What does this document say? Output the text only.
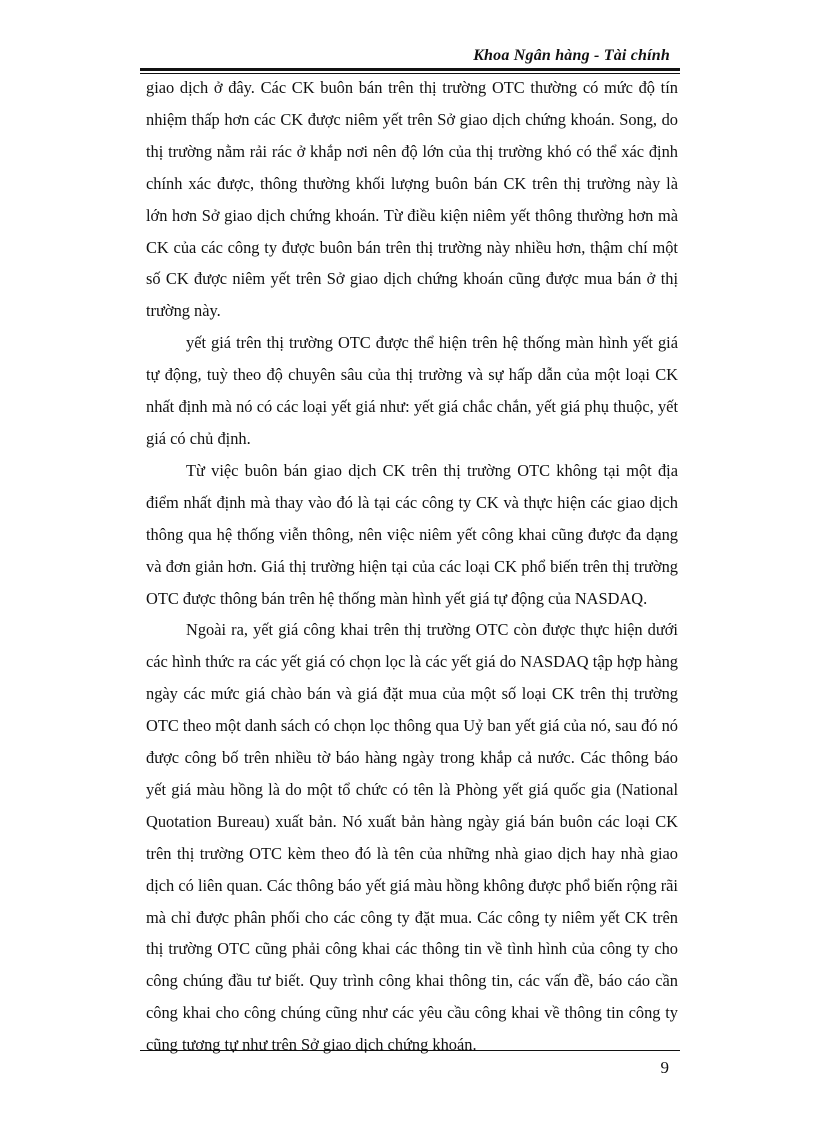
Khoa Ngân hàng - Tài chính

giao dịch ở đây. Các CK buôn bán trên thị trường OTC thường có mức độ tín nhiệm thấp hơn các CK được niêm yết trên Sở giao dịch chứng khoán. Song, do thị trường nằm rải rác ở khắp nơi nên độ lớn của thị trường khó có thể xác định chính xác được, thông thường khối lượng buôn bán CK trên thị trường này là lớn hơn Sở giao dịch chứng khoán. Từ điều kiện niêm yết thông thường hơn mà CK của các công ty được buôn bán trên thị trường này nhiều hơn, thậm chí một số CK được niêm yết trên Sở giao dịch chứng khoán cũng được mua bán ở thị trường này.

yết giá trên thị trường OTC được thể hiện trên hệ thống màn hình yết giá tự động, tuỳ theo độ chuyên sâu của thị trường và sự hấp dẫn của một loại CK nhất định mà nó có các loại yết giá như: yết giá chắc chắn, yết giá phụ thuộc, yết giá có chủ định.

Từ việc buôn bán giao dịch CK trên thị trường OTC không tại một địa điểm nhất định mà thay vào đó là tại các công ty CK và thực hiện các giao dịch thông qua hệ thống viễn thông, nên việc niêm yết công khai cũng được đa dạng và đơn giản hơn. Giá thị trường hiện tại của các loại CK phổ biến trên thị trường OTC được thông bán trên hệ thống màn hình yết giá tự động của NASDAQ.

Ngoài ra, yết giá công khai trên thị trường OTC còn được thực hiện dưới các hình thức ra các yết giá có chọn lọc là các yết giá do NASDAQ tập hợp hàng ngày các mức giá chào bán và giá đặt mua của một số loại CK trên thị trường OTC theo một danh sách có chọn lọc thông qua Uỷ ban yết giá của nó, sau đó nó được công bố trên nhiều tờ báo hàng ngày trong khắp cả nước. Các thông báo yết giá màu hồng là do một tổ chức có tên là Phòng yết giá quốc gia (National Quotation Bureau) xuất bản. Nó xuất bản hàng ngày giá bán buôn các loại CK trên thị trường OTC kèm theo đó là tên của những nhà giao dịch hay nhà giao dịch có liên quan. Các thông báo yết giá màu hồng không được phổ biến rộng rãi mà chỉ được phân phối cho các công ty đặt mua. Các công ty niêm yết CK trên thị trường OTC cũng phải công khai các thông tin về tình hình của công ty cho công chúng đầu tư biết. Quy trình công khai thông tin, các vấn đề, báo cáo cần công khai cho công chúng cũng như các yêu cầu công khai về thông tin công ty cũng tương tự như trên Sở giao dịch chứng khoán.

9
